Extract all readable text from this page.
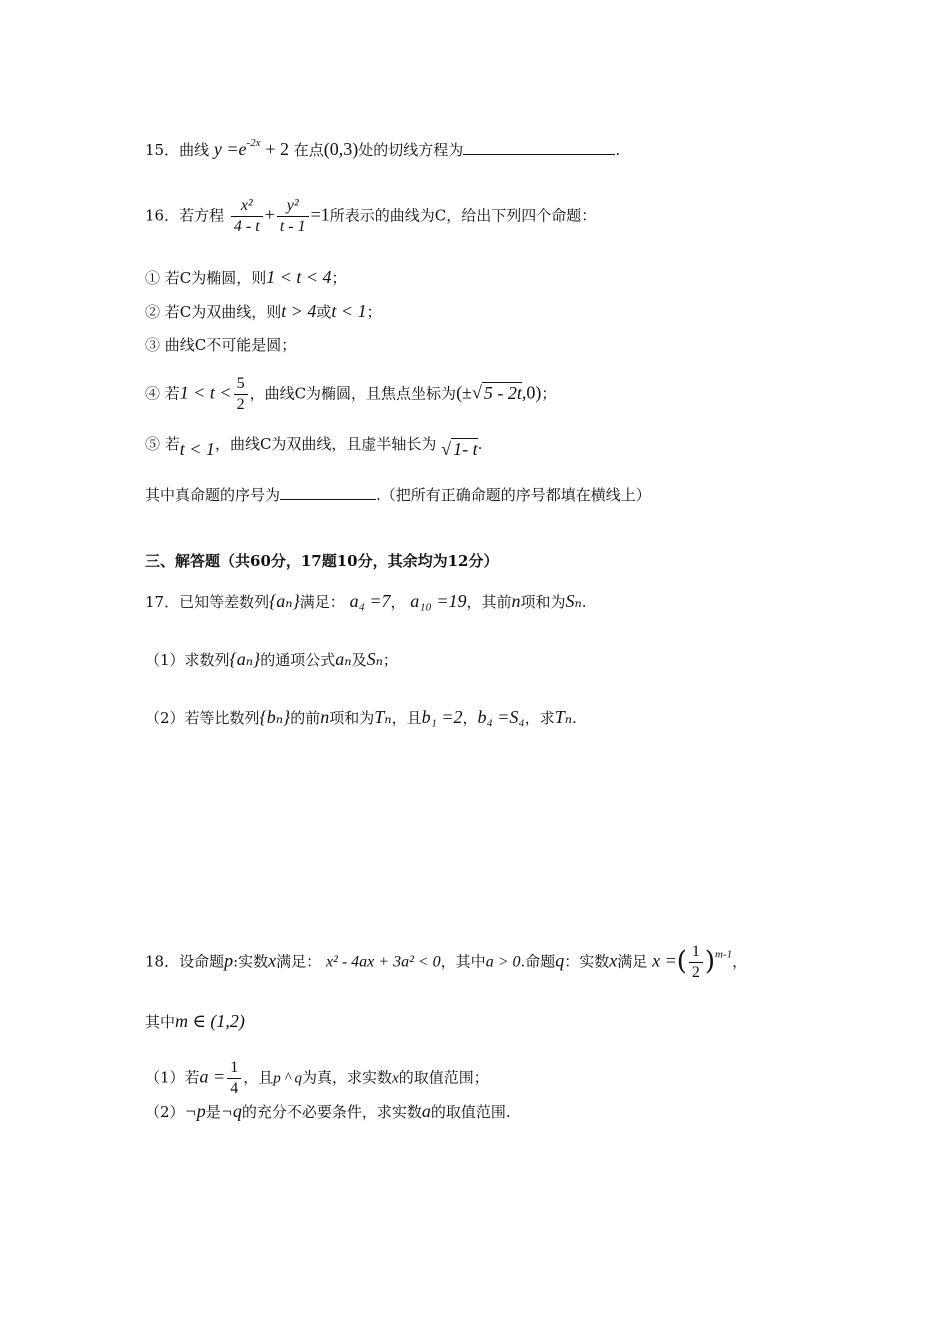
15．曲线 $y =e^{-2x} + 2$ 在点(0,3)处的切线方程为	.
16．若方程 $\frac{\text{x²}}{4 - t} + \frac{\text{y²}}{t - 1} =1$所表示的曲线为C，给出下列四个命题：
① 若C为椭圆，则1 < t < 4；
② 若C为双曲线，则t > 4或t < 1；
③ 曲线C不可能是圆；
④ 若$1 < t < \frac{5}{2}$ ，曲线C为椭圆，且焦点坐标为(±√ 5 - 2t,0)；
⑤ 若t < 1，曲线C为双曲线，且虚半轴长为 √ 1- t.
其中真命题的序号为	.（把所有正确命题的序号都填在横线上）
三、解答题（共60分，17题10分，其余均为12分）
17．已知等差数列{aₙ}满足： a₄ =7， a₁₀ =19，其前n项和为Sₙ.
（1）求数列{aₙ}的通项公式aₙ及Sₙ；
（2）若等比数列{bₙ}的前n项和为Tₙ，且b₁ =2，b₄ =S₄，求Tₙ.
18．设命题p:实数x满足： x² - 4ax + 3a² < 0，其中a > 0.命题q：实数x满足 x =( $\frac{1}{2} )^{m-1}$，
其中m ∈ (1,2)
（1）若$a = \frac{1}{4}$ ，且p ^ q为真，求实数x的取值范围；
（2）¬p是¬q的充分不必要条件，求实数a的取值范围.
